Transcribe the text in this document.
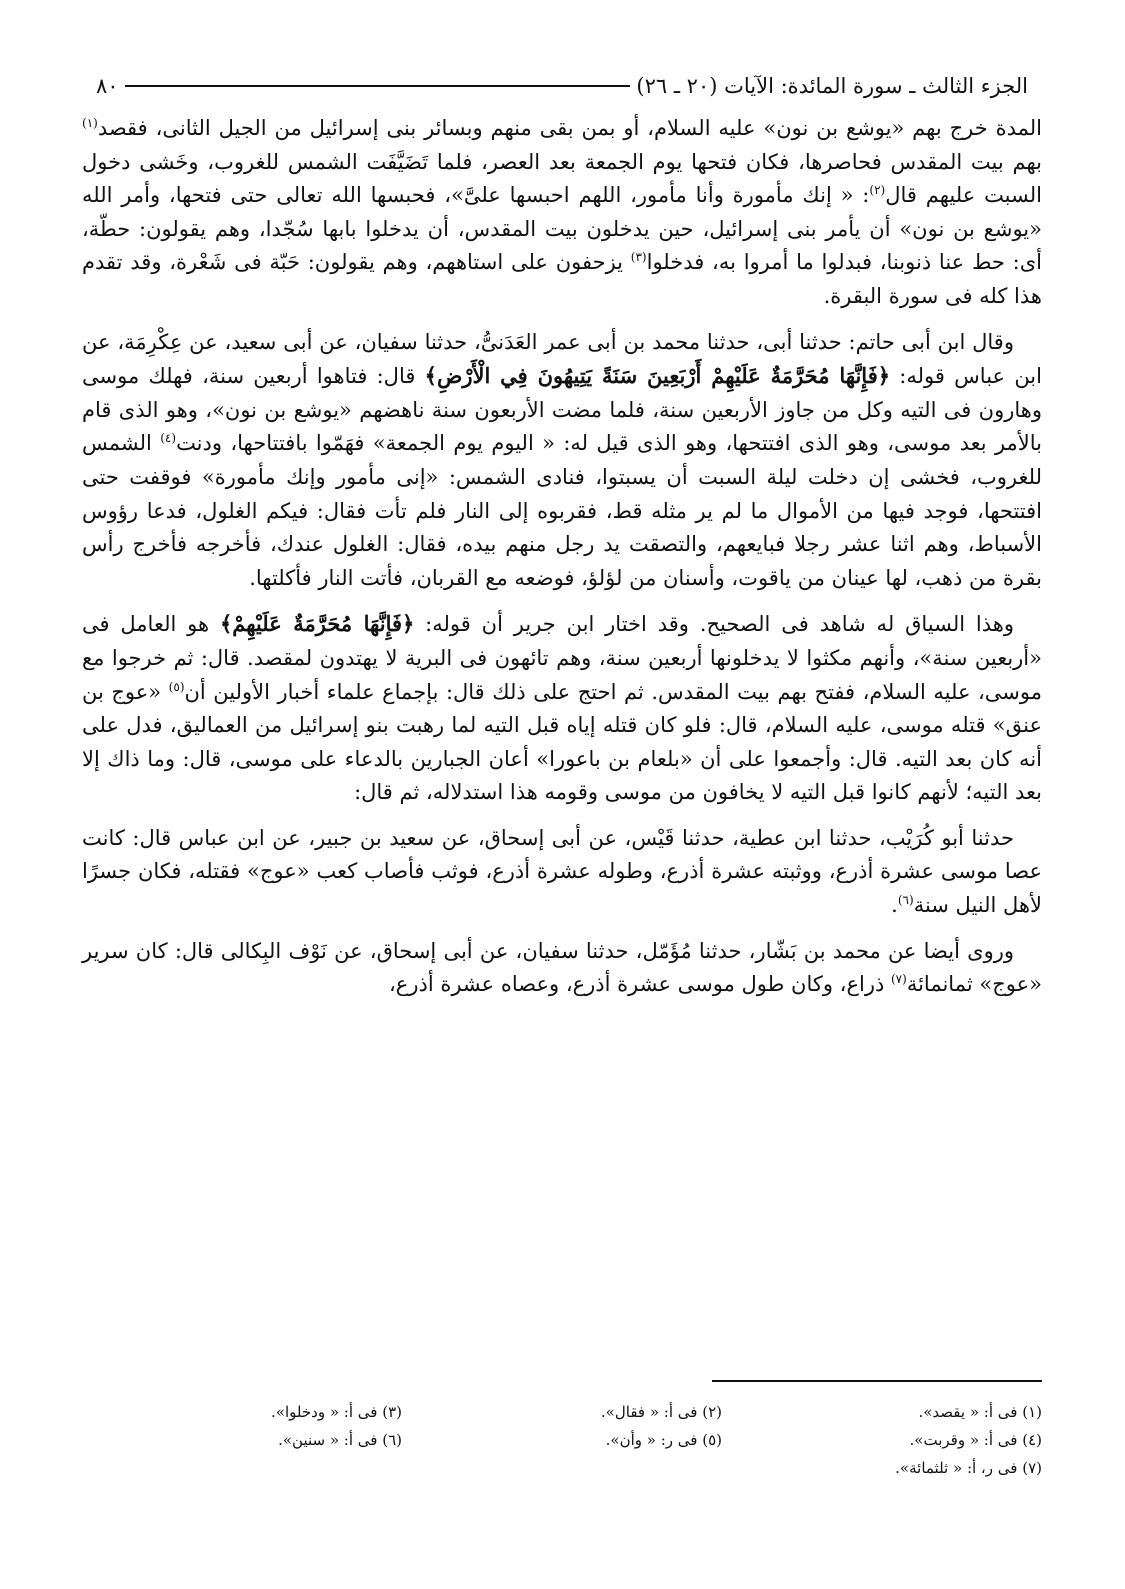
الجزء الثالث ـ سورة المائدة: الآيات (٢٠ ـ ٢٦)
٨٠

المدة خرج بهم «يوشع بن نون» عليه السلام، أو بمن بقى منهم وبسائر بنى إسرائيل من الجيل الثانى، فقصد$^{(١)}$ بهم بيت المقدس فحاصرها، فكان فتحها يوم الجمعة بعد العصر، فلما تَضَيَّفَت الشمس للغروب، وخَشى دخول السبت عليهم قال$^{(٢)}$: « إنك مأمورة وأنا مأمور، اللهم احبسها علىَّ»، فحبسها الله تعالى حتى فتحها، وأمر الله «يوشع بن نون» أن يأمر بنى إسرائيل، حين يدخلون بيت المقدس، أن يدخلوا بابها سُجّدا، وهم يقولون: حطّة، أى: حط عنا ذنوبنا، فبدلوا ما أمروا به، فدخلوا$^{(٣)}$ يزحفون على استاههم، وهم يقولون: حَبّة فى شَعْرة، وقد تقدم هذا كله فى سورة البقرة.

وقال ابن أبى حاتم: حدثنا أبى، حدثنا محمد بن أبى عمر العَدَنىُّ، حدثنا سفيان، عن أبى سعيد، عن عِكْرِمَة، عن ابن عباس قوله: ﴿فَإِنَّهَا مُحَرَّمَةٌ عَلَيْهِمْ أَرْبَعِينَ سَنَةً يَتِيهُونَ فِي الْأَرْضِ﴾ قال: فتاهوا أربعين سنة، فهلك موسى وهارون فى التيه وكل من جاوز الأربعين سنة، فلما مضت الأربعون سنة ناهضهم «يوشع بن نون»، وهو الذى قام بالأمر بعد موسى، وهو الذى افتتحها، وهو الذى قيل له: « اليوم يوم الجمعة» فهَمّوا بافتتاحها، ودنت$^{(٤)}$ الشمس للغروب، فخشى إن دخلت ليلة السبت أن يسبتوا، فنادى الشمس: «إنى مأمور وإنك مأمورة» فوقفت حتى افتتحها، فوجد فيها من الأموال ما لم ير مثله قط، فقربوه إلى النار فلم تأت فقال: فيكم الغلول، فدعا رؤوس الأسباط، وهم اثنا عشر رجلا فبايعهم، والتصقت يد رجل منهم بيده، فقال: الغلول عندك، فأخرجه فأخرج رأس بقرة من ذهب، لها عينان من ياقوت، وأسنان من لؤلؤ، فوضعه مع القربان، فأتت النار فأكلتها.

وهذا السياق له شاهد فى الصحيح. وقد اختار ابن جرير أن قوله: ﴿فَإِنَّهَا مُحَرَّمَةٌ عَلَيْهِمْ﴾ هو العامل فى «أربعين سنة»، وأنهم مكثوا لا يدخلونها أربعين سنة، وهم تائهون فى البرية لا يهتدون لمقصد. قال: ثم خرجوا مع موسى، عليه السلام، ففتح بهم بيت المقدس. ثم احتج على ذلك قال: بإجماع علماء أخبار الأولين أن$^{(٥)}$ «عوج بن عنق» قتله موسى، عليه السلام، قال: فلو كان قتله إياه قبل التيه لما رهبت بنو إسرائيل من العماليق، فدل على أنه كان بعد التيه. قال: وأجمعوا على أن «بلعام بن باعورا» أعان الجبارين بالدعاء على موسى، قال: وما ذاك إلا بعد التيه؛ لأنهم كانوا قبل التيه لا يخافون من موسى وقومه هذا استدلاله، ثم قال:

حدثنا أبو كُرَيْب، حدثنا ابن عطية، حدثنا قَيْس، عن أبى إسحاق، عن سعيد بن جبير، عن ابن عباس قال: كانت عصا موسى عشرة أذرع، ووثبته عشرة أذرع، وطوله عشرة أذرع، فوثب فأصاب كعب «عوج» فقتله، فكان جسرًا لأهل النيل سنة$^{(٦)}$.

وروى أيضا عن محمد بن بَشّار، حدثنا مُؤَمّل، حدثنا سفيان، عن أبى إسحاق، عن نَوْف البِكالى قال: كان سرير «عوج» ثمانمائة$^{(٧)}$ ذراع، وكان طول موسى عشرة أذرع، وعصاه عشرة أذرع،

(١) فى أ: « يقصد».
(٢) فى أ: « فقال».
(٣) فى أ: « ودخلوا».
(٤) فى أ: « وقربت».
(٥) فى ر: « وأن».
(٦) فى أ: « سنين».
(٧) فى ر، أ: « ثلثمائة».
